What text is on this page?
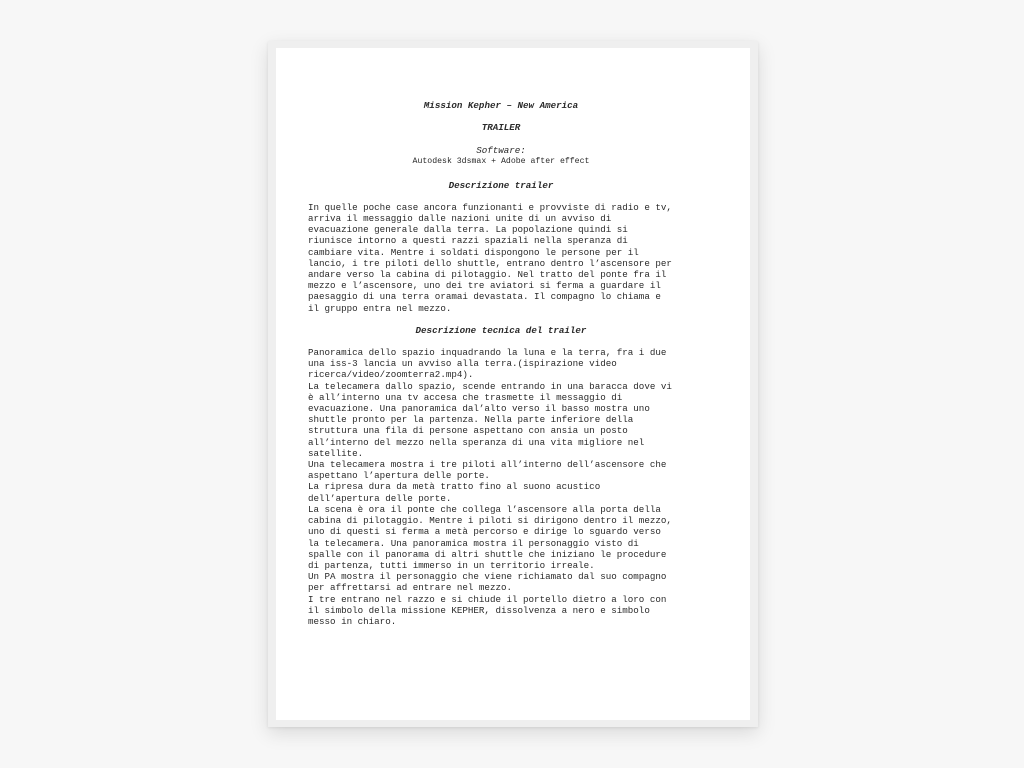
Mission Kepher – New America

TRAILER

Software:
Autodesk 3dsmax + Adobe after effect

Descrizione trailer

In quelle poche case ancora funzionanti e provviste di radio e tv,
arriva il messaggio dalle nazioni unite di un avviso di
evacuazione generale dalla terra. La popolazione quindi si
riunisce intorno a questi razzi spaziali nella speranza di
cambiare vita. Mentre i soldati dispongono le persone per il
lancio, i tre piloti dello shuttle, entrano dentro l’ascensore per
andare verso la cabina di pilotaggio. Nel tratto del ponte fra il
mezzo e l’ascensore, uno dei tre aviatori si ferma a guardare il
paesaggio di una terra oramai devastata. Il compagno lo chiama e
il gruppo entra nel mezzo.

Descrizione tecnica del trailer

Panoramica dello spazio inquadrando la luna e la terra, fra i due
una iss-3 lancia un avviso alla terra.(ispirazione video
ricerca/video/zoomterra2.mp4).
La telecamera dallo spazio, scende entrando in una baracca dove vi
è all’interno una tv accesa che trasmette il messaggio di
evacuazione. Una panoramica dal’alto verso il basso mostra uno
shuttle pronto per la partenza. Nella parte inferiore della
struttura una fila di persone aspettano con ansia un posto
all’interno del mezzo nella speranza di una vita migliore nel
satellite.
Una telecamera mostra i tre piloti all’interno dell’ascensore che
aspettano l’apertura delle porte.
La ripresa dura da metà tratto fino al suono acustico
dell’apertura delle porte.
La scena è ora il ponte che collega l’ascensore alla porta della
cabina di pilotaggio. Mentre i piloti si dirigono dentro il mezzo,
uno di questi si ferma a metà percorso e dirige lo sguardo verso
la telecamera. Una panoramica mostra il personaggio visto di
spalle con il panorama di altri shuttle che iniziano le procedure
di partenza, tutti immerso in un territorio irreale.
Un PA mostra il personaggio che viene richiamato dal suo compagno
per affrettarsi ad entrare nel mezzo.
I tre entrano nel razzo e si chiude il portello dietro a loro con
il simbolo della missione KEPHER, dissolvenza a nero e simbolo
messo in chiaro.
